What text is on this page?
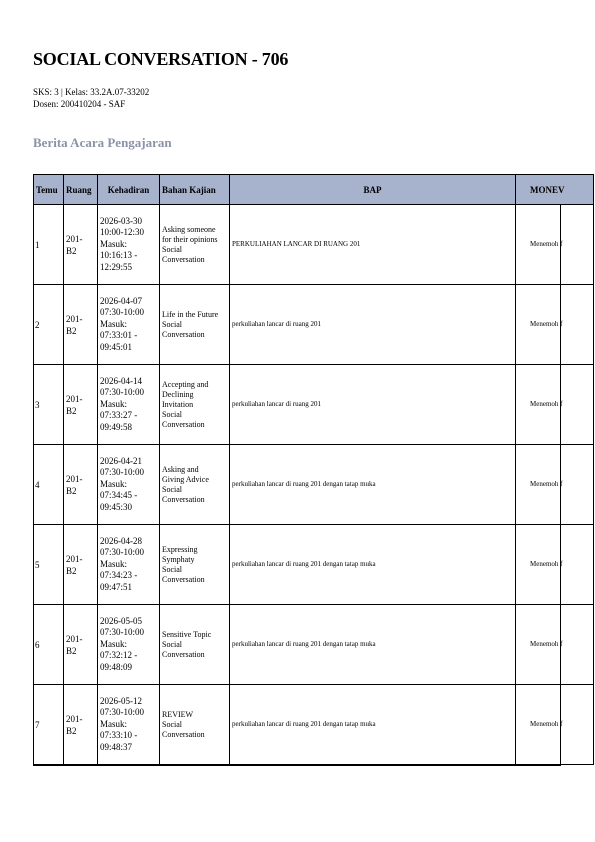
SOCIAL CONVERSATION - 706
SKS: 3 | Kelas: 33.2A.07-33202
Dosen: 200410204 - SAF
Berita Acara Pengajaran
Temu	Ruang	Kehadiran	Bahan Kajian	BAP	MONEV

1	201-
B2	2026-03-30
10:00-12:30
Masuk:
10:16:13 -
12:29:55	Asking someone
for their opinions
Social
Conversation	PERKULIAHAN LANCAR DI RUANG 201	Menemoh f

2	201-
B2	2026-04-07
07:30-10:00
Masuk:
07:33:01 -
09:45:01	Life in the Future
Social
Conversation	perkuliahan lancar di ruang 201	Menemoh f

3	201-
B2	2026-04-14
07:30-10:00
Masuk:
07:33:27 -
09:49:58	Accepting and
Declining
Invitation
Social
Conversation	perkuliahan lancar di ruang 201	Menemoh f

4	201-
B2	2026-04-21
07:30-10:00
Masuk:
07:34:45 -
09:45:30	Asking and
Giving Advice
Social
Conversation	perkuliahan lancar di ruang 201 dengan tatap muka	Menemoh f

5	201-
B2	2026-04-28
07:30-10:00
Masuk:
07:34:23 -
09:47:51	Expressing
Symphaty
Social
Conversation	perkuliahan lancar di ruang 201 dengan tatap muka	Menemoh f

6	201-
B2	2026-05-05
07:30-10:00
Masuk:
07:32:12 -
09:48:09	Sensitive Topic
Social
Conversation	perkuliahan lancar di ruang 201 dengan tatap muka	Menemoh f

7	201-
B2	2026-05-12
07:30-10:00
Masuk:
07:33:10 -
09:48:37	REVIEW
Social
Conversation	perkuliahan lancar di ruang 201 dengan tatap muka	Menemoh f
